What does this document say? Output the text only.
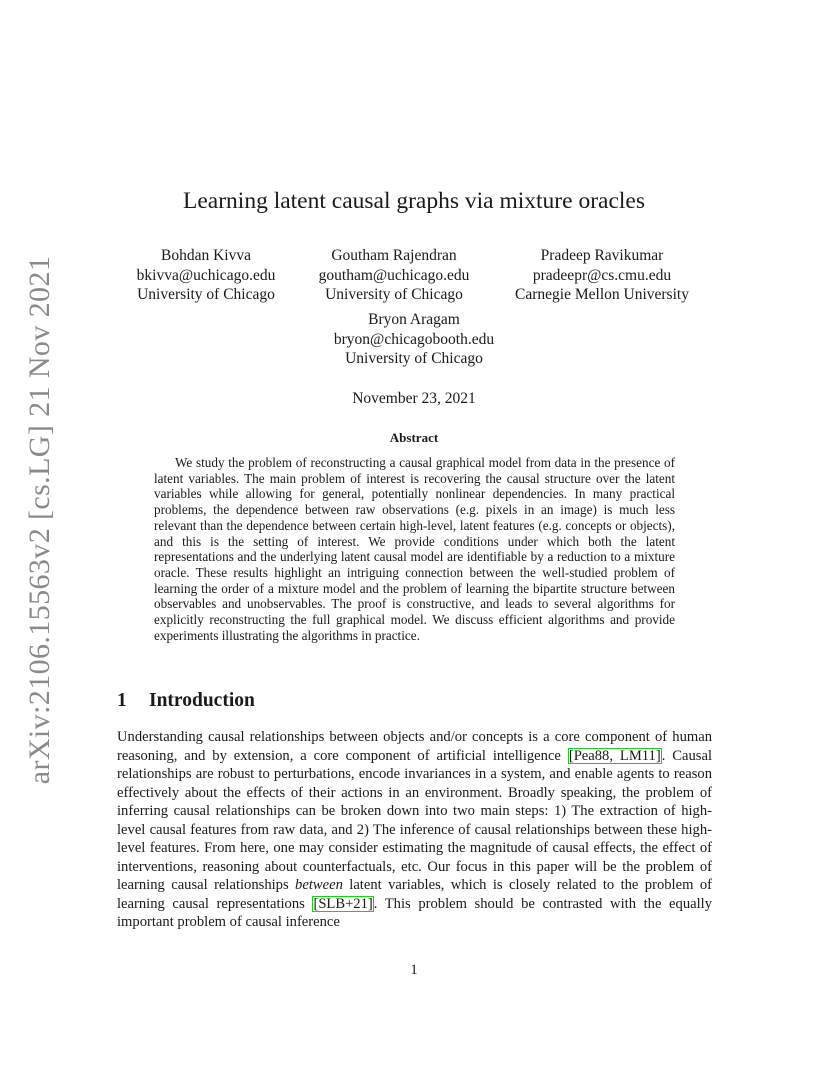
arXiv:2106.15563v2 [cs.LG] 21 Nov 2021
Learning latent causal graphs via mixture oracles
Bohdan Kivva
bkivva@uchicago.edu
University of Chicago
Goutham Rajendran
goutham@uchicago.edu
University of Chicago
Pradeep Ravikumar
pradeepr@cs.cmu.edu
Carnegie Mellon University
Bryon Aragam
bryon@chicagobooth.edu
University of Chicago
November 23, 2021
Abstract

We study the problem of reconstructing a causal graphical model from data in the presence of latent variables. The main problem of interest is recovering the causal structure over the latent variables while allowing for general, potentially nonlinear dependencies. In many practical problems, the dependence between raw observations (e.g. pixels in an image) is much less relevant than the dependence between certain high-level, latent features (e.g. concepts or objects), and this is the setting of interest. We provide conditions under which both the latent representations and the underlying latent causal model are identifiable by a reduction to a mixture oracle. These results highlight an intriguing connection between the well-studied problem of learning the order of a mixture model and the problem of learning the bipartite structure between observables and unobservables. The proof is constructive, and leads to several algorithms for explicitly reconstructing the full graphical model. We discuss efficient algorithms and provide experiments illustrating the algorithms in practice.

1 Introduction

Understanding causal relationships between objects and/or concepts is a core component of human reasoning, and by extension, a core component of artificial intelligence [Pea88, LM11]. Causal relationships are robust to perturbations, encode invariances in a system, and enable agents to reason effectively about the effects of their actions in an environment. Broadly speaking, the problem of inferring causal relationships can be broken down into two main steps: 1) The extraction of high-level causal features from raw data, and 2) The inference of causal relationships between these high-level features. From here, one may consider estimating the magnitude of causal effects, the effect of interventions, reasoning about counterfactuals, etc. Our focus in this paper will be the problem of learning causal relationships between latent variables, which is closely related to the problem of learning causal representations [SLB+21]. This problem should be contrasted with the equally important problem of causal inference

1
